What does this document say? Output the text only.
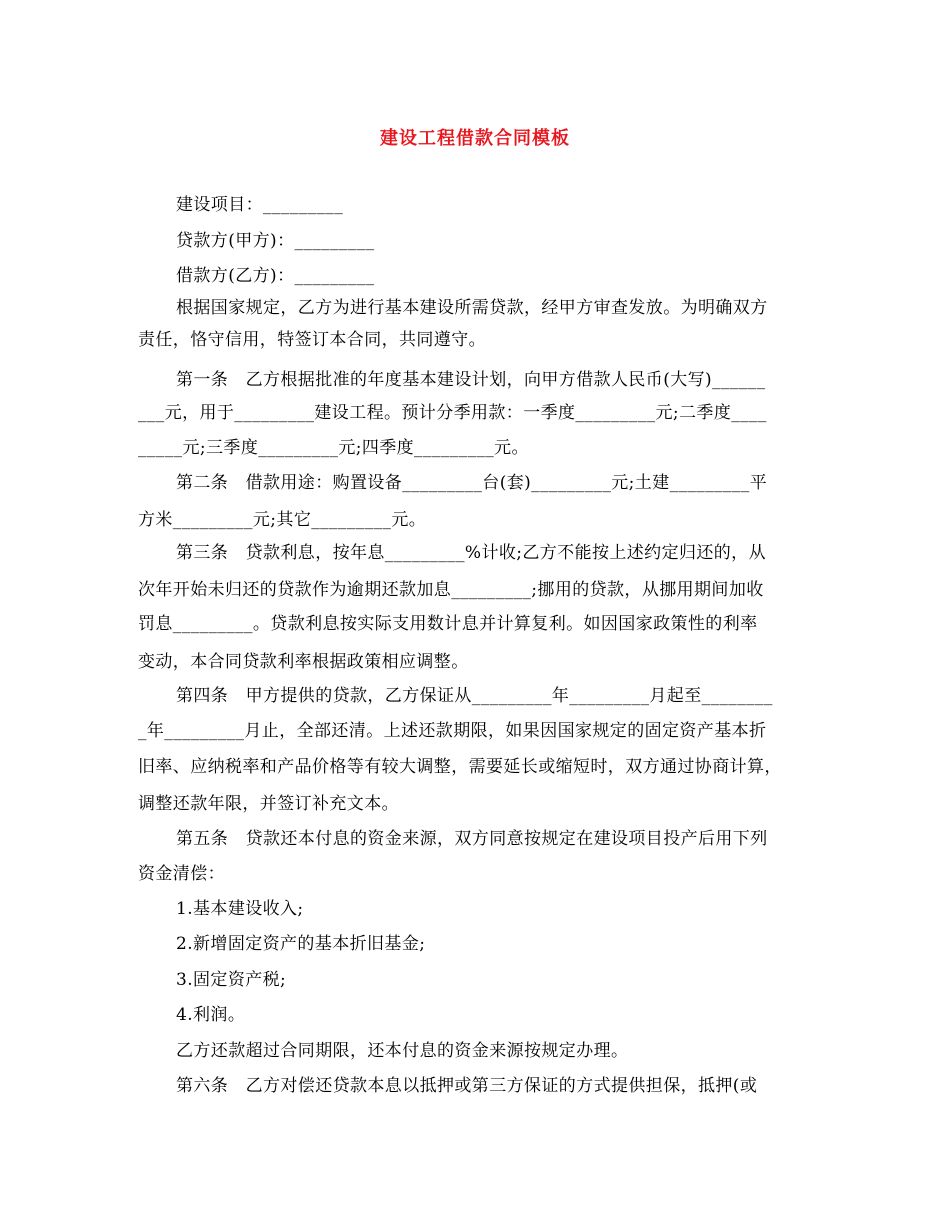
建设工程借款合同模板
建设项目：_________
贷款方(甲方)：_________
借款方(乙方)：_________
根据国家规定，乙方为进行基本建设所需贷款，经甲方审查发放。为明确双方
责任，恪守信用，特签订本合同，共同遵守。
第一条　乙方根据批准的年度基本建设计划，向甲方借款人民币(大写)______
___元，用于_________建设工程。预计分季用款：一季度_________元;二季度____
_____元;三季度_________元;四季度_________元。
第二条　借款用途：购置设备_________台(套)_________元;土建_________平
方米_________元;其它_________元。
第三条　贷款利息，按年息_________%计收;乙方不能按上述约定归还的，从
次年开始未归还的贷款作为逾期还款加息_________;挪用的贷款，从挪用期间加收
罚息_________。贷款利息按实际支用数计息并计算复利。如因国家政策性的利率
变动，本合同贷款利率根据政策相应调整。
第四条　甲方提供的贷款，乙方保证从_________年_________月起至________
_年_________月止，全部还清。上述还款期限，如果因国家规定的固定资产基本折
旧率、应纳税率和产品价格等有较大调整，需要延长或缩短时，双方通过协商计算，
调整还款年限，并签订补充文本。
第五条　贷款还本付息的资金来源，双方同意按规定在建设项目投产后用下列
资金清偿：
1.基本建设收入;
2.新增固定资产的基本折旧基金;
3.固定资产税;
4.利润。
乙方还款超过合同期限，还本付息的资金来源按规定办理。
第六条　乙方对偿还贷款本息以抵押或第三方保证的方式提供担保，抵押(或
